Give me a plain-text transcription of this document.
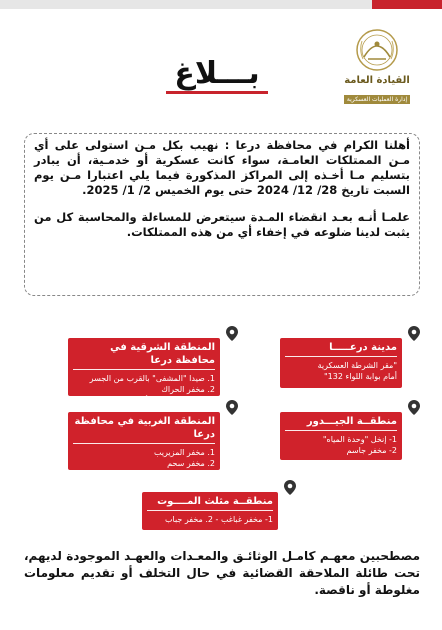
القيادة العامة
إدارة العمليات العسكرية
بـــلاغ

أهلنا الكرام في محافظة درعا : نهيب بكل مـن استولى على أي مـن الممتلكات العامـة، سواء كانت عسكرية أو خدمـية، أن يبادر بتسليم مـا أخـذه إلى المراكز المذكورة فيما يلي اعتبارا مـن يوم السبت تاريخ 28/ 12/ 2024 حتى يوم الخميس 2/ 1/ 2025.

علمـا أنـه بعـد انقضاء المـدة سيتعرض للمساءلة والمحاسبة كل من يثبت لدينا ضلوعه في إخفاء أي من هذه الممتلكات.

مدينة درعـــــا
"مقر الشرطة العسكرية
أمام بوابة اللواء 132"
المنطقة الشرقية في محافظة درعا
1. صيدا "المشفى" بالقرب من الجسر
2. مخفر الحراك
3. شعبة الحزب في أزرع
منطقــة الجيـــدور
1- إنخل "وحدة المياه"
2- مخفر جاسم
المنطقة الغربية في محافظة درعا
1. مخفر المزيريب
2. مخفر سحم
3. مخفر نوى
منطقــة مثلث المــــوت
1- مخفر غباغب - 2. مخفر جباب
مصطحبين معهـم كامـل الوثائـق والمعـدات والعهـد الموجودة لديهم، تحت طائلة الملاحقة القضائية في حال التخلف أو تقديم معلومات مغلوطة أو ناقصة.
